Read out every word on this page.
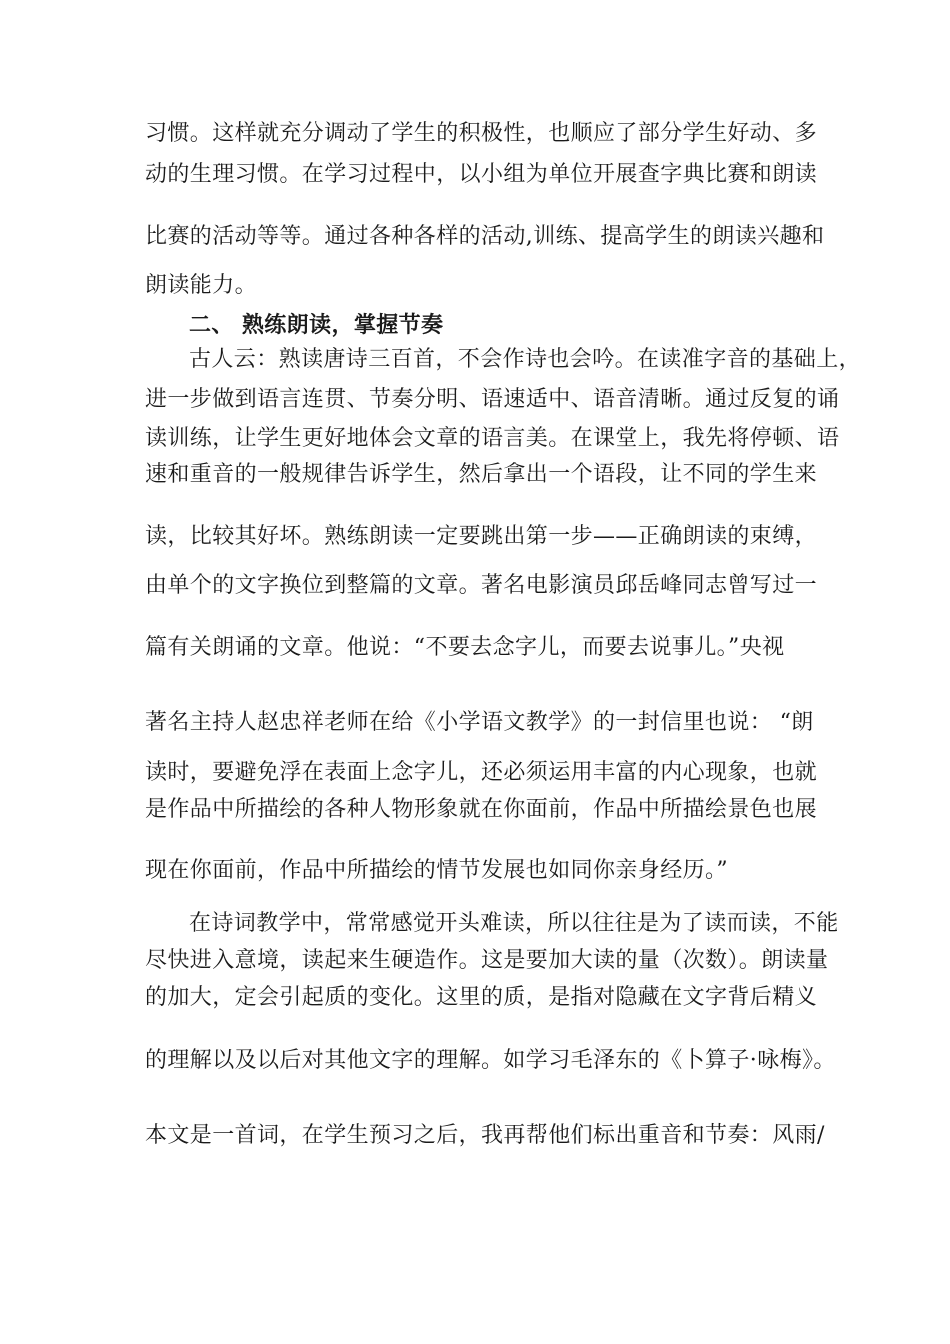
习惯。这样就充分调动了学生的积极性，也顺应了部分学生好动、多
动的生理习惯。在学习过程中，以小组为单位开展查字典比赛和朗读
比赛的活动等等。通过各种各样的活动,训练、提高学生的朗读兴趣和
朗读能力。
二、 熟练朗读，掌握节奏
古人云：熟读唐诗三百首，不会作诗也会吟。在读准字音的基础上，
进一步做到语言连贯、节奏分明、语速适中、语音清晰。通过反复的诵
读训练，让学生更好地体会文章的语言美。在课堂上，我先将停顿、语
速和重音的一般规律告诉学生，然后拿出一个语段，让不同的学生来
读，比较其好坏。熟练朗读一定要跳出第一步——正确朗读的束缚，
由单个的文字换位到整篇的文章。著名电影演员邱岳峰同志曾写过一
篇有关朗诵的文章。他说：“不要去念字儿，而要去说事儿。”央视
著名主持人赵忠祥老师在给《小学语文教学》的一封信里也说： “朗
读时，要避免浮在表面上念字儿，还必须运用丰富的内心现象，也就
是作品中所描绘的各种人物形象就在你面前，作品中所描绘景色也展
现在你面前，作品中所描绘的情节发展也如同你亲身经历。”
在诗词教学中，常常感觉开头难读，所以往往是为了读而读，不能
尽快进入意境，读起来生硬造作。这是要加大读的量（次数）。朗读量
的加大，定会引起质的变化。这里的质，是指对隐藏在文字背后精义
的理解以及以后对其他文字的理解。如学习毛泽东的《卜算子·咏梅》。
本文是一首词，在学生预习之后，我再帮他们标出重音和节奏：风雨/
